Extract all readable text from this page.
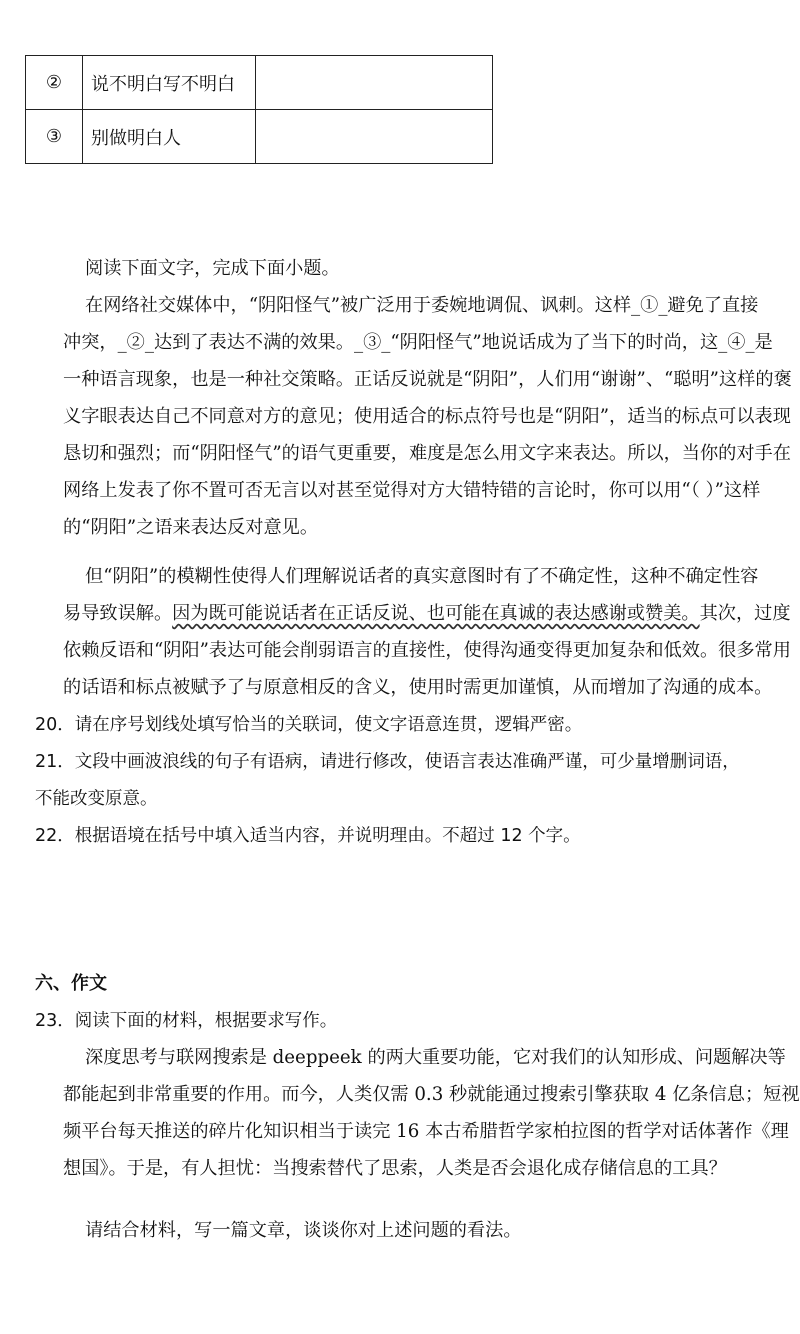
②	说不明白写不明白	
③	别做明白人	
阅读下面文字，完成下面小题。
在网络社交媒体中，“阴阳怪气”被广泛用于委婉地调侃、讽刺。这样_①_避免了直接
冲突，_②_达到了表达不满的效果。_③_“阴阳怪气”地说话成为了当下的时尚，这_④_是
一种语言现象，也是一种社交策略。正话反说就是“阴阳”，人们用“谢谢”、“聪明”这样的褒
义字眼表达自己不同意对方的意见；使用适合的标点符号也是“阴阳”，适当的标点可以表现
恳切和强烈；而“阴阳怪气”的语气更重要，难度是怎么用文字来表达。所以，当你的对手在
网络上发表了你不置可否无言以对甚至觉得对方大错特错的言论时，你可以用“（ ）”这样
的“阴阳”之语来表达反对意见。
但“阴阳”的模糊性使得人们理解说话者的真实意图时有了不确定性，这种不确定性容
易导致误解。因为既可能说话者在正话反说、也可能在真诚的表达感谢或赞美。其次，过度
依赖反语和“阴阳”表达可能会削弱语言的直接性，使得沟通变得更加复杂和低效。很多常用
的话语和标点被赋予了与原意相反的含义，使用时需更加谨慎，从而增加了沟通的成本。
20．请在序号划线处填写恰当的关联词，使文字语意连贯，逻辑严密。
21．文段中画波浪线的句子有语病，请进行修改，使语言表达准确严谨，可少量增删词语，
不能改变原意。
22．根据语境在括号中填入适当内容，并说明理由。不超过 12 个字。
六、作文
23．阅读下面的材料，根据要求写作。
深度思考与联网搜索是 deeppeek 的两大重要功能，它对我们的认知形成、问题解决等
都能起到非常重要的作用。而今，人类仅需 0.3 秒就能通过搜索引擎获取 4 亿条信息；短视
频平台每天推送的碎片化知识相当于读完 16 本古希腊哲学家柏拉图的哲学对话体著作《理
想国》。于是，有人担忧：当搜索替代了思索，人类是否会退化成存储信息的工具？
请结合材料，写一篇文章，谈谈你对上述问题的看法。
